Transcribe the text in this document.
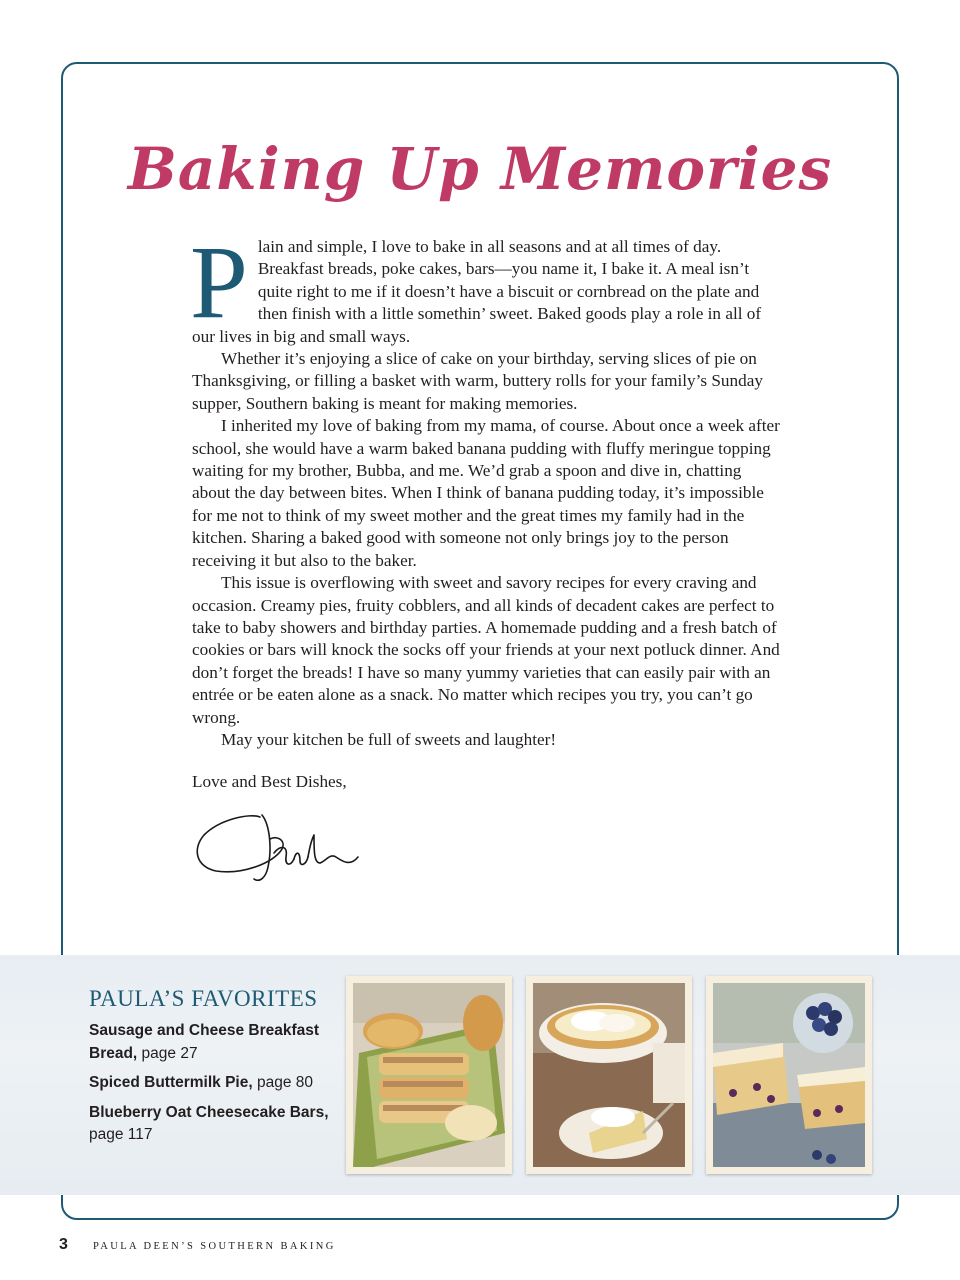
Baking Up Memories

Plain and simple, I love to bake in all seasons and at all times of day. Breakfast breads, poke cakes, bars—you name it, I bake it. A meal isn’t quite right to me if it doesn’t have a biscuit or cornbread on the plate and then finish with a little somethin’ sweet. Baked goods play a role in all of our lives in big and small ways.

Whether it’s enjoying a slice of cake on your birthday, serving slices of pie on Thanksgiving, or filling a basket with warm, buttery rolls for your family’s Sunday supper, Southern baking is meant for making memories.

I inherited my love of baking from my mama, of course. About once a week after school, she would have a warm baked banana pudding with fluffy meringue topping waiting for my brother, Bubba, and me. We’d grab a spoon and dive in, chatting about the day between bites. When I think of banana pudding today, it’s impossible for me not to think of my sweet mother and the great times my family had in the kitchen. Sharing a baked good with someone not only brings joy to the person receiving it but also to the baker.

This issue is overflowing with sweet and savory recipes for every craving and occasion. Creamy pies, fruity cobblers, and all kinds of decadent cakes are perfect to take to baby showers and birthday parties. A homemade pudding and a fresh batch of cookies or bars will knock the socks off your friends at your next potluck dinner. And don’t forget the breads! I have so many yummy varieties that can easily pair with an entrée or be eaten alone as a snack. No matter which recipes you try, you can’t go wrong.

May your kitchen be full of sweets and laughter!

Love and Best Dishes,
PAULA’S FAVORITES
Sausage and Cheese Breakfast Bread, page 27
Spiced Buttermilk Pie, page 80
Blueberry Oat Cheesecake Bars, page 117
3 PAULA DEEN’S SOUTHERN BAKING
